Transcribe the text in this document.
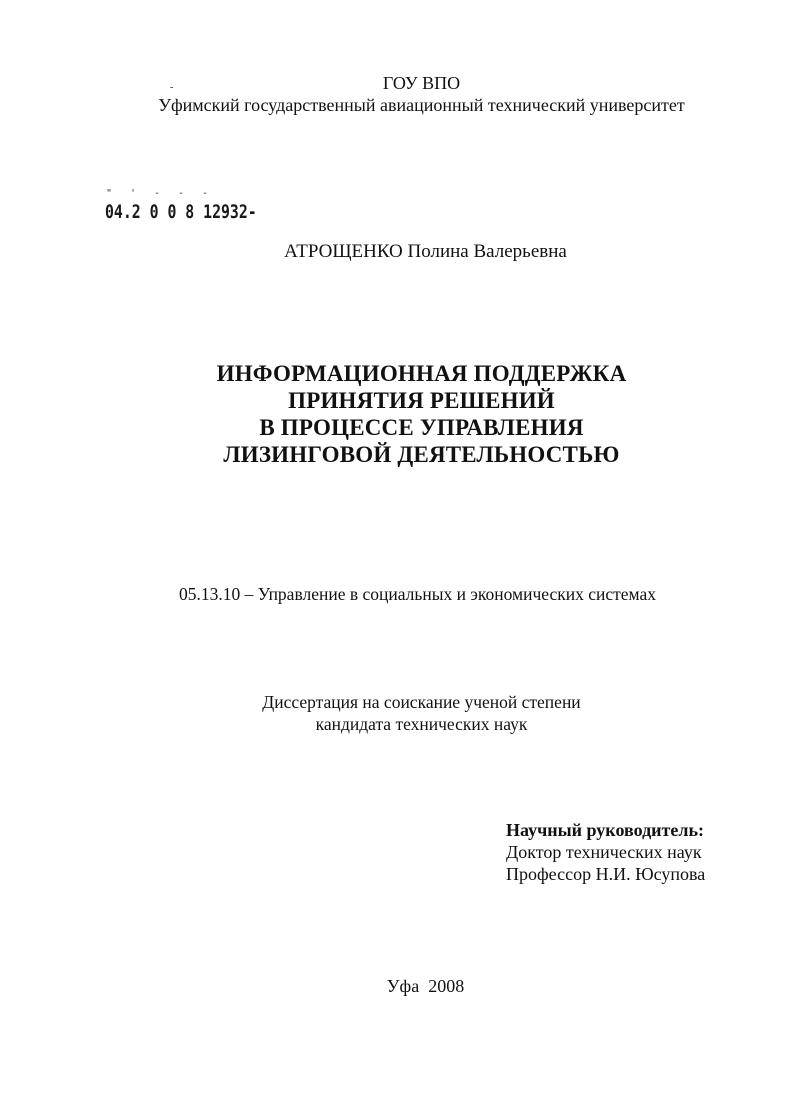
-	ГОУ ВПО
Уфимский государственный авиационный технический университет
" ' - - -
04.2 0 0 8 12932-
АТРОЩЕНКО Полина Валерьевна
ИНФОРМАЦИОННАЯ ПОДДЕРЖКА
ПРИНЯТИЯ РЕШЕНИЙ
В ПРОЦЕССЕ УПРАВЛЕНИЯ
ЛИЗИНГОВОЙ ДЕЯТЕЛЬНОСТЬЮ
05.13.10 – Управление в социальных и экономических системах
Диссертация на соискание ученой степени
кандидата технических наук
Научный руководитель:
Доктор технических наук
Профессор Н.И. Юсупова
Уфа  2008
